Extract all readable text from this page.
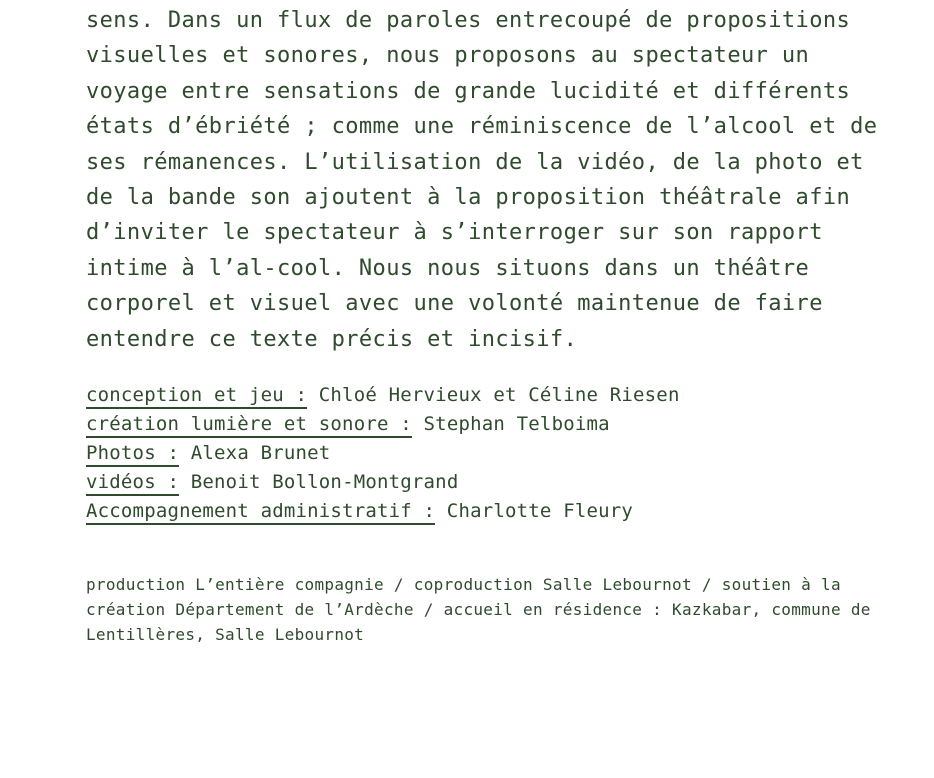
sens. Dans un flux de paroles entrecoupé de propositions visuelles et sonores, nous proposons au spectateur un voyage entre sensations de grande lucidité et différents états d’ébriété ; comme une réminiscence de l’alcool et de ses rémanences. L’utilisation de la vidéo, de la photo et de la bande son ajoutent à la proposition théâtrale afin d’inviter le spectateur à s’interroger sur son rapport intime à l’al-cool. Nous nous situons dans un théâtre corporel et visuel avec une volonté maintenue de faire entendre ce texte précis et incisif.

conception et jeu : Chloé Hervieux et Céline Riesen
création lumière et sonore : Stephan Telboima
Photos : Alexa Brunet
vidéos : Benoit Bollon-Montgrand
Accompagnement administratif : Charlotte Fleury

production L’entière compagnie / coproduction Salle Lebournot / soutien à la création Département de l’Ardèche / accueil en résidence : Kazkabar, commune de Lentillères, Salle Lebournot
